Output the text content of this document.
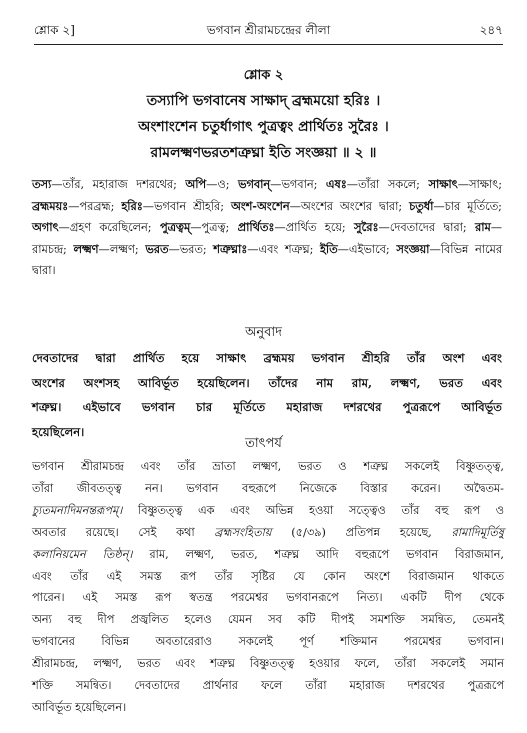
শ্লোক ২]	ভগবান শ্রীরামচন্দ্রের লীলা	২৪৭
শ্লোক ২
তস্যাপি ভগবানেষ সাক্ষাদ্ ব্রহ্মময়ো হরিঃ ।
অংশাংশেন চতুর্ধাগাৎ পুত্রত্বং প্রার্থিতঃ সুরৈঃ ।
রামলক্ষ্মণভরতশত্রুঘ্না ইতি সংজ্ঞয়া ॥ ২ ॥
তস্য—তাঁর, মহারাজ দশরথের; অপি—ও; ভগবান্—ভগবান; এষঃ—তাঁরা সকলে; সাক্ষাৎ—সাক্ষাৎ; ব্রহ্মময়ঃ—পরব্রহ্ম; হরিঃ—ভগবান শ্রীহরি; অংশ-অংশেন—অংশের অংশের দ্বারা; চতুর্ধা—চার মূর্তিতে; অগাৎ—গ্রহণ করেছিলেন; পুত্রত্বম্—পুত্রত্ব; প্রার্থিতঃ—প্রার্থিত হয়ে; সুরৈঃ—দেবতাদের দ্বারা; রাম—রামচন্দ্র; লক্ষ্মণ—লক্ষ্মণ; ভরত—ভরত; শত্রুঘ্নাঃ—এবং শত্রুঘ্ন; ইতি—এইভাবে; সংজ্ঞয়া—বিভিন্ন নামের দ্বারা।
অনুবাদ
দেবতাদের দ্বারা প্রার্থিত হয়ে সাক্ষাৎ ব্রহ্মময় ভগবান শ্রীহরি তাঁর অংশ এবং
অংশের অংশসহ আবির্ভূত হয়েছিলেন। তাঁদের নাম রাম, লক্ষ্মণ, ভরত এবং
শত্রুঘ্ন। এইভাবে ভগবান চার মূর্তিতে মহারাজ দশরথের পুত্ররূপে আবির্ভূত
হয়েছিলেন।
তাৎপর্য
ভগবান শ্রীরামচন্দ্র এবং তাঁর ভ্রাতা লক্ষ্মণ, ভরত ও শত্রুঘ্ন সকলেই বিষ্ণুতত্ত্ব,
তাঁরা জীবতত্ত্ব নন। ভগবান বহুরূপে নিজেকে বিস্তার করেন। অদ্বৈতম-
চ্যুতমনাদিমনন্তরূপম্। বিষ্ণুতত্ত্ব এক এবং অভিন্ন হওয়া সত্ত্বেও তাঁর বহু রূপ ও
অবতার রয়েছে। সেই কথা ব্রহ্মসংহিতায় (৫/৩৯) প্রতিপন্ন হয়েছে, রামাদিমূর্তিষু
কলানিয়মেন তিষ্ঠন্। রাম, লক্ষ্মণ, ভরত, শত্রুঘ্ন আদি বহুরূপে ভগবান বিরাজমান,
এবং তাঁর এই সমস্ত রূপ তাঁর সৃষ্টির যে কোন অংশে বিরাজমান থাকতে
পারেন। এই সমস্ত রূপ স্বতন্ত্র পরমেশ্বর ভগবানরূপে নিত্য। একটি দীপ থেকে
অন্য বহু দীপ প্রজ্বলিত হলেও যেমন সব কটি দীপই সমশক্তি সমন্বিত, তেমনই
ভগবানের বিভিন্ন অবতারেরাও সকলেই পূর্ণ শক্তিমান পরমেশ্বর ভগবান।
শ্রীরামচন্দ্র, লক্ষ্মণ, ভরত এবং শত্রুঘ্ন বিষ্ণুতত্ত্ব হওয়ার ফলে, তাঁরা সকলেই সমান
শক্তি সমন্বিত। দেবতাদের প্রার্থনার ফলে তাঁরা মহারাজ দশরথের পুত্ররূপে
আবির্ভূত হয়েছিলেন।
